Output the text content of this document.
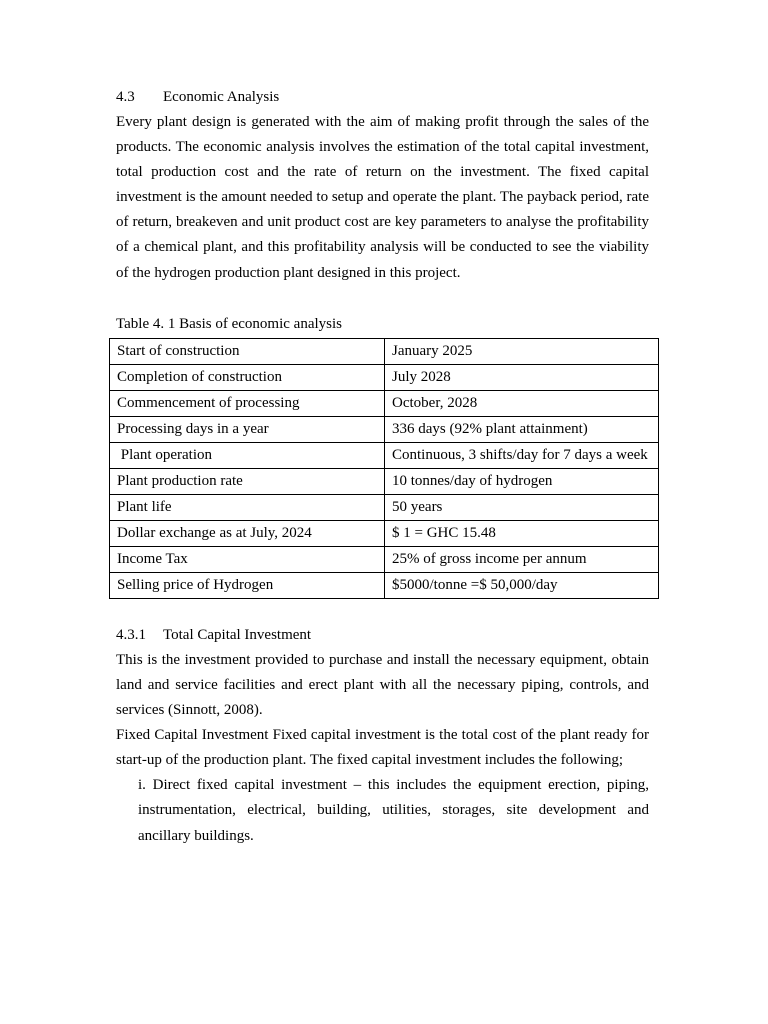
4.3 Economic Analysis

Every plant design is generated with the aim of making profit through the sales of the products. The economic analysis involves the estimation of the total capital investment, total production cost and the rate of return on the investment. The fixed capital investment is the amount needed to setup and operate the plant. The payback period, rate of return, breakeven and unit product cost are key parameters to analyse the profitability of a chemical plant, and this profitability analysis will be conducted to see the viability of the hydrogen production plant designed in this project.

Table 4. 1 Basis of economic analysis
Start of construction	January 2025
Completion of construction	July 2028
Commencement of processing	October, 2028
Processing days in a year	336 days (92% plant attainment)
Plant operation	Continuous, 3 shifts/day for 7 days a week
Plant production rate	10 tonnes/day of hydrogen
Plant life	50 years
Dollar exchange as at July, 2024	$ 1 = GHC 15.48
Income Tax	25% of gross income per annum
Selling price of Hydrogen	$5000/tonne =$ 50,000/day
4.3.1 Total Capital Investment

This is the investment provided to purchase and install the necessary equipment, obtain land and service facilities and erect plant with all the necessary piping, controls, and services (Sinnott, 2008).

Fixed Capital Investment Fixed capital investment is the total cost of the plant ready for start-up of the production plant. The fixed capital investment includes the following;

i. Direct fixed capital investment – this includes the equipment erection, piping, instrumentation, electrical, building, utilities, storages, site development and ancillary buildings.
